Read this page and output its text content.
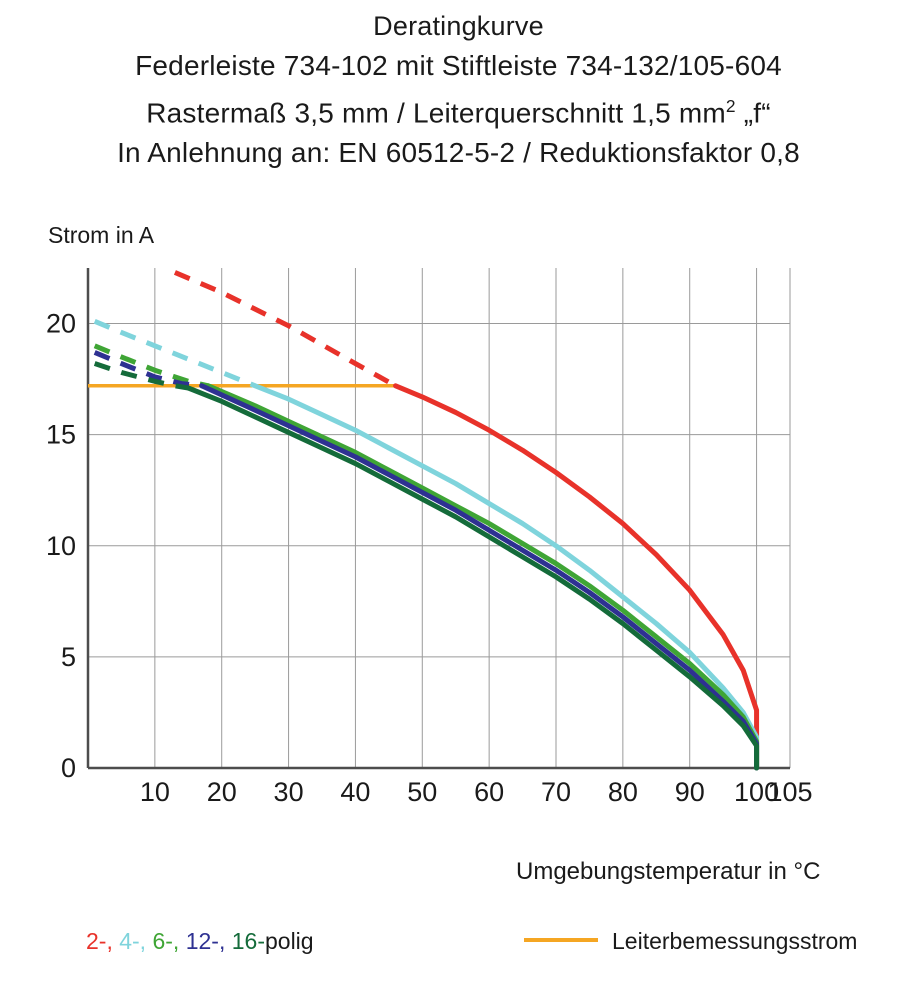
Deratingkurve
Federleiste 734-102 mit Stiftleiste 734-132/105-604
Rastermaß 3,5 mm / Leiterquerschnitt 1,5 $mm^2$ „f“
In Anlehnung an: EN 60512-5-2 / Reduktionsfaktor 0,8
Strom in A
Umgebungstemperatur in °C
0
5
10
15
20
10 20 30 40 50 60 70 80 90 100
105
2-, 4-, 6-, 12-, 16-polig	Leiterbemessungsstrom
